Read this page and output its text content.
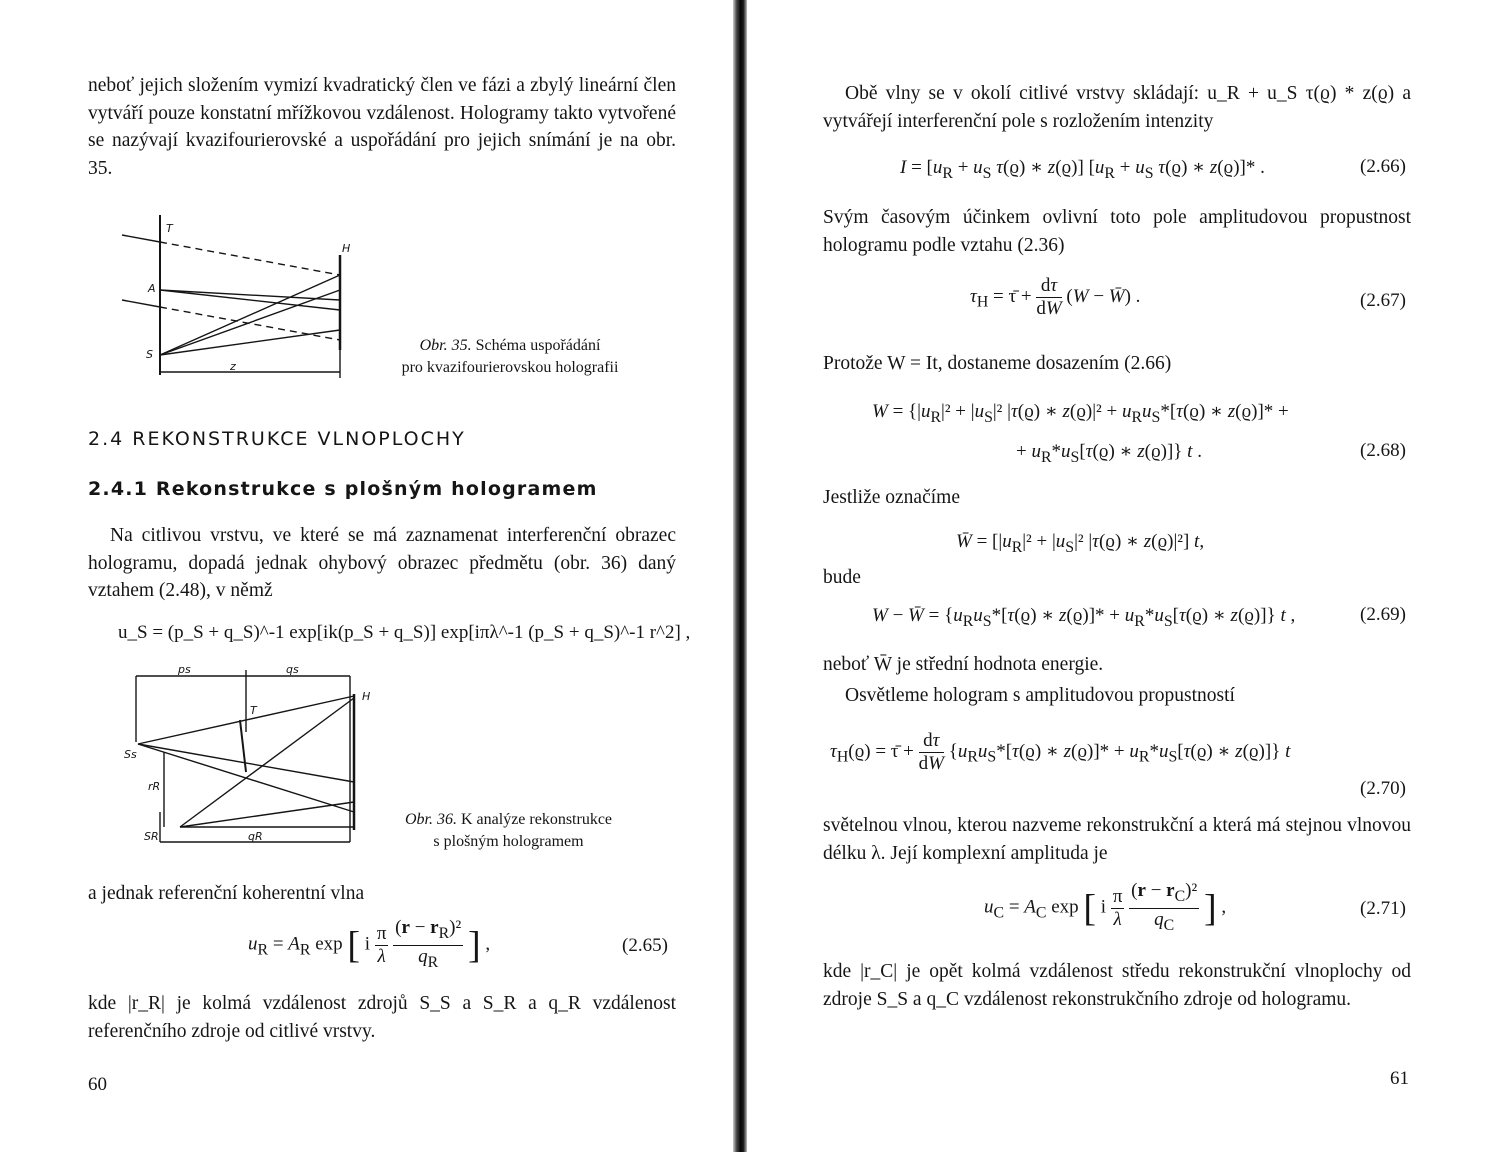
neboť jejich složením vymizí kvadratický člen ve fázi a zbylý lineární člen vytváří pouze konstatní mřížkovou vzdálenost. Hologramy takto vytvořené se nazývají kvazifourierovské a uspořádání pro jejich snímání je na obr. 35.

T
H
A
S
z
Obr. 35. Schéma uspořádání
pro kvazifourierovskou holografii
2.4 REKONSTRUKCE VLNOPLOCHY
2.4.1 Rekonstrukce s plošným hologramem

Na citlivou vrstvu, ve které se má zaznamenat interferenční obrazec hologramu, dopadá jednak ohybový obrazec předmětu (obr. 36) daný vztahem (2.48), v němž

u_S = (p_S + q_S)^-1 exp[ik(p_S + q_S)] exp[iπλ^-1 (p_S + q_S)^-1 r^2] ,
ps	qs
H
T
Ss
rR
SR	qR
Obr. 36. K analýze rekonstrukce
s plošným hologramem

a jednak referenční koherentní vlna

$u_R = A_R$ exp [ i $\frac{\pi}{\lambda}$
$\frac{(r - r_R)^2}{q_R}$ ] ,	(2.65)

kde |r_R| je kolmá vzdálenost zdrojů S_S a S_R a q_R vzdálenost referenčního zdroje od citlivé vrstvy.

60

Obě vlny se v okolí citlivé vrstvy skládají: u_R + u_S τ(ϱ) * z(ϱ) a vytvářejí interferenční pole s rozložením intenzity

$I = [u_R + u_S$ τ(ϱ) ∗ z(ϱ)] [$u_R + u_S$ τ(ϱ) ∗ z(ϱ)]* .	(2.66)

Svým časovým účinkem ovlivní toto pole amplitudovou propustnost hologramu podle vztahu (2.36)

$\tau_H$ = τ̄ + $\frac{d\tau}{dW} (W$ − W̄) .	(2.67)

Protože W = It, dostaneme dosazením (2.66)

$W = \{|u_R|^2 + |u_S|^2$ |τ(ϱ) ∗ $z(ϱ)|^2 + u_Ru_S*[\tau(ϱ)$ ∗ z(ϱ)]* +
+ $u_R*u_S[\tau(ϱ)$ ∗ z(ϱ)]} t .	(2.68)

Jestliže označíme

W̄ = [$|u_R|^2 + |u_S|^2$ |τ(ϱ) ∗ z(ϱ)|²] t,

bude

W − W̄ = {$u_Ru_S*[\tau(ϱ)$ ∗ $z(ϱ)]* + u_R*u_S[\tau(ϱ)$ ∗ z(ϱ)]} t ,	(2.69)

neboť W̄ je střední hodnota energie.

Osvětleme hologram s amplitudovou propustností

$\tau_H(ϱ)$ = τ̄ + $\frac{d\tau}{dW} \{u_Ru_S*[\tau(ϱ)$ ∗ $z(ϱ)]* + u_R*u_S[\tau(ϱ)$ ∗ z(ϱ)]} t
(2.70)

světelnou vlnou, kterou nazveme rekonstrukční a která má stejnou vlnovou délku λ. Její komplexní amplituda je

$u_C = A_C$ exp [ i $\frac{\pi}{\lambda}$
$\frac{(r - r_C)^2}{q_C}$ ] ,	(2.71)

kde |r_C| je opět kolmá vzdálenost středu rekonstrukční vlnoplochy od zdroje S_S a q_C vzdálenost rekonstrukčního zdroje od hologramu.

61
